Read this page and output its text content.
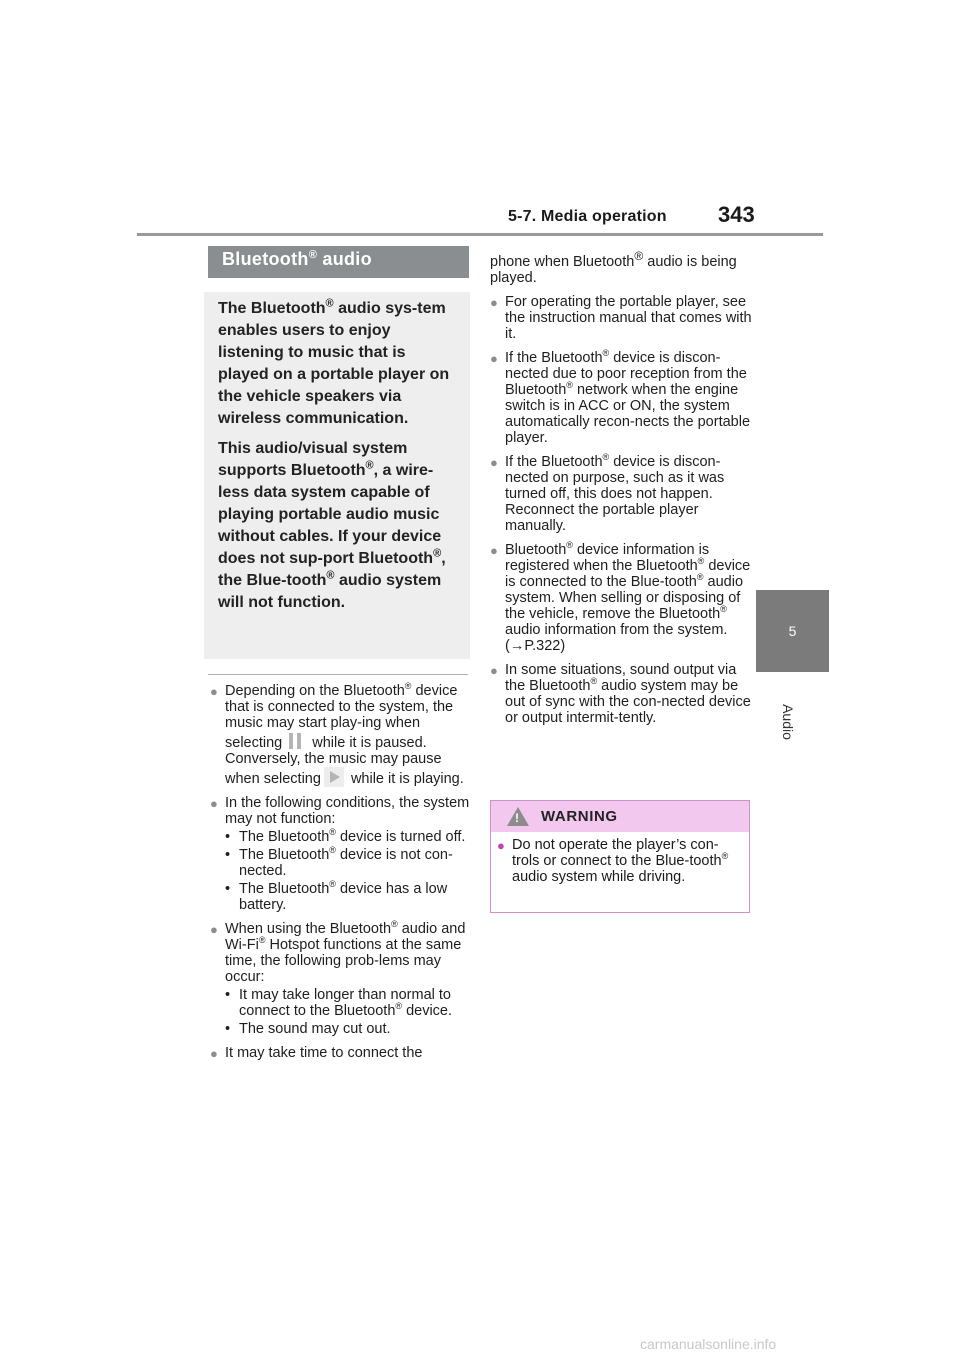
5-7. Media operation 343
5
Audio
Bluetooth® audio

The Bluetooth® audio sys-tem enables users to enjoy listening to music that is played on a portable player on the vehicle speakers via wireless communication.

This audio/visual system supports Bluetooth®, a wire-less data system capable of playing portable audio music without cables. If your device does not sup-port Bluetooth®, the Blue-tooth® audio system will not function.

● Depending on the Bluetooth® device that is connected to the system, the music may start play-ing when selecting while it is paused. Conversely, the music may pause when selecting while it is playing.
● In the following conditions, the system may not function:
• The Bluetooth® device is turned off.
• The Bluetooth® device is not con-nected.
• The Bluetooth® device has a low battery.
● When using the Bluetooth® audio and Wi-Fi® Hotspot functions at the same time, the following prob-lems may occur:
• It may take longer than normal to connect to the Bluetooth® device.
• The sound may cut out.
● It may take time to connect the
phone when Bluetooth® audio is being played.
● For operating the portable player, see the instruction manual that comes with it.
● If the Bluetooth® device is discon-nected due to poor reception from the Bluetooth® network when the engine switch is in ACC or ON, the system automatically recon-nects the portable player.
● If the Bluetooth® device is discon-nected on purpose, such as it was turned off, this does not happen. Reconnect the portable player manually.
● Bluetooth® device information is registered when the Bluetooth® device is connected to the Blue-tooth® audio system. When selling or disposing of the vehicle, remove the Bluetooth® audio information from the system. (→P.322)
● In some situations, sound output via the Bluetooth® audio system may be out of sync with the con-nected device or output intermit-tently.
!
WARNING
● Do not operate the player’s con-trols or connect to the Blue-tooth® audio system while driving.
carmanualsonline.info
